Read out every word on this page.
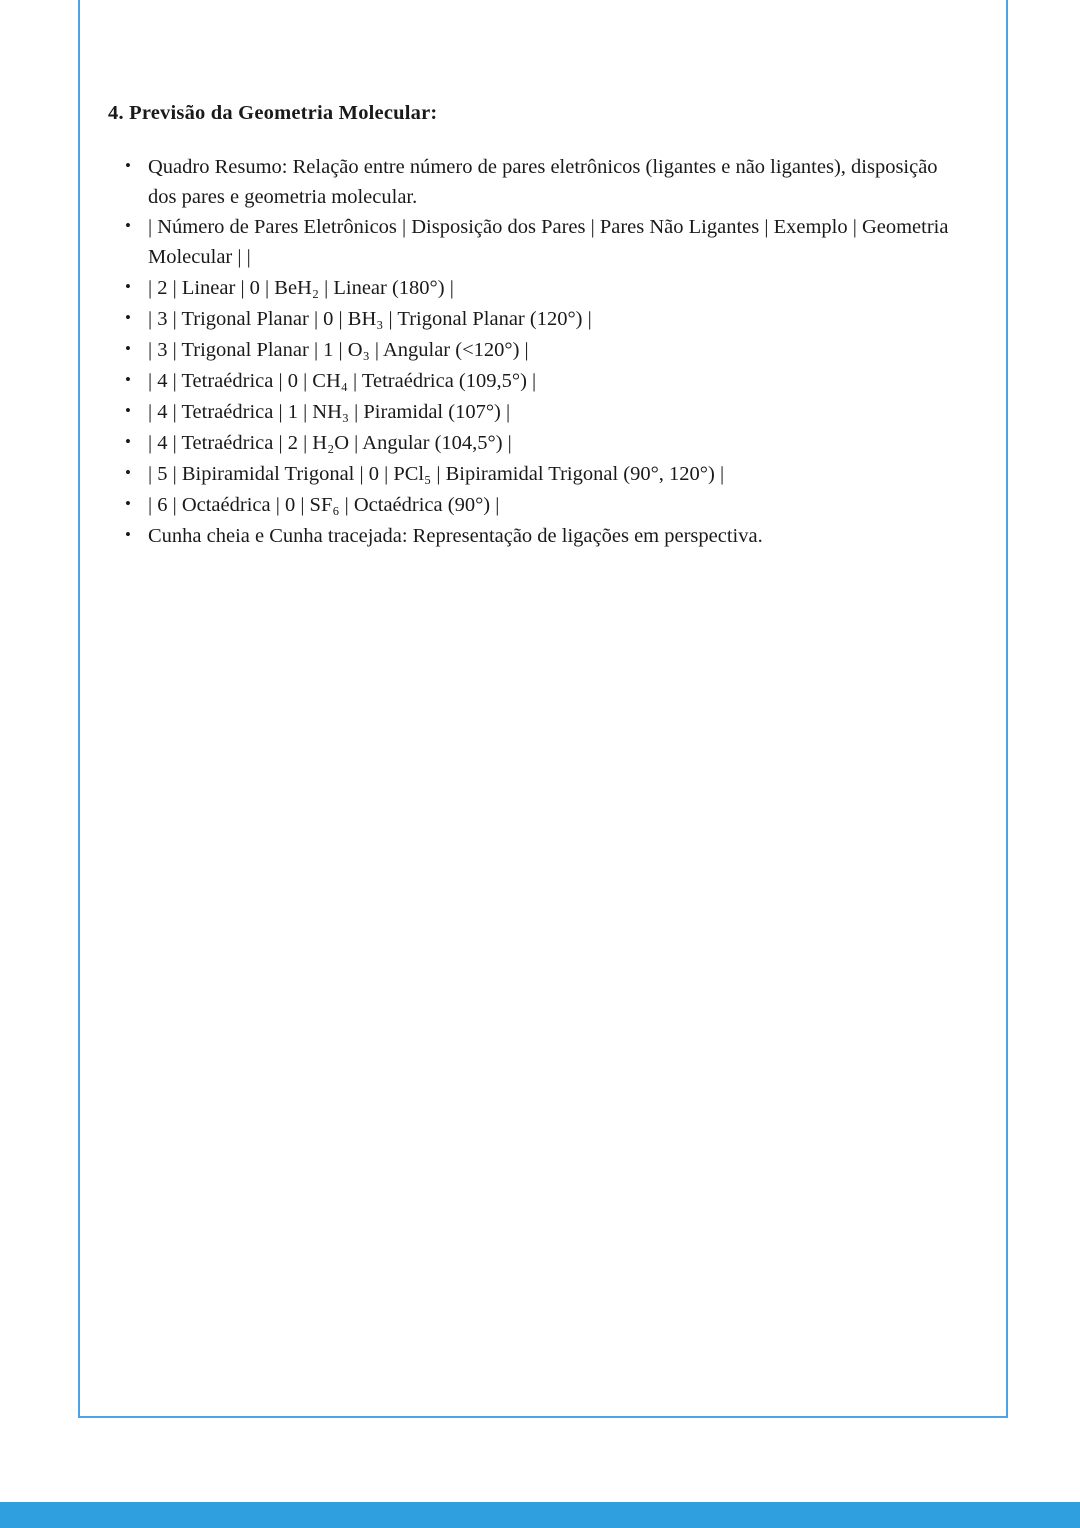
4. Previsão da Geometria Molecular:
• Quadro Resumo: Relação entre número de pares eletrônicos (ligantes e não ligantes), disposição dos pares e geometria molecular.
• | Número de Pares Eletrônicos | Disposição dos Pares | Pares Não Ligantes | Exemplo | Geometria Molecular | |
• | 2 | Linear | 0 | BeH₂ | Linear (180°) |
• | 3 | Trigonal Planar | 0 | BH₃ | Trigonal Planar (120°) |
• | 3 | Trigonal Planar | 1 | O₃ | Angular (<120°) |
• | 4 | Tetraédrica | 0 | CH₄ | Tetraédrica (109,5°) |
• | 4 | Tetraédrica | 1 | NH₃ | Piramidal (107°) |
• | 4 | Tetraédrica | 2 | H₂O | Angular (104,5°) |
• | 5 | Bipiramidal Trigonal | 0 | PCl₅ | Bipiramidal Trigonal (90°, 120°) |
• | 6 | Octaédrica | 0 | SF₆ | Octaédrica (90°) |
• Cunha cheia e Cunha tracejada: Representação de ligações em perspectiva.
